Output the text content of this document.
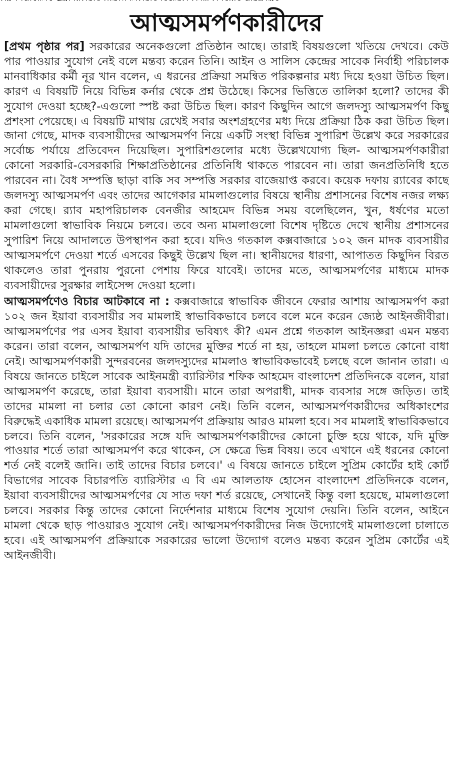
আত্মসমর্পণকারীদের

[প্রথম পৃষ্ঠার পর] সরকারের অনেকগুলো প্রতিষ্ঠান আছে। তারাই বিষয়গুলো খতিয়ে দেখবে। কেউ পার পাওয়ার সুযোগ নেই বলে মন্তব্য করেন তিনি। আইন ও সালিস কেন্দ্রের সাবেক নির্বাহী পরিচালক মানবাধিকার কর্মী নূর খান বলেন, এ ধরনের প্রক্রিয়া সমন্বিত পরিকল্পনার মধ্য দিয়ে হওয়া উচিত ছিল। কারণ এ বিষয়টি নিয়ে বিভিন্ন কর্নার থেকে প্রশ্ন উঠেছে। কিসের ভিত্তিতে তালিকা হলো? তাদের কী সুযোগ দেওয়া হচ্ছে?-এগুলো স্পষ্ট করা উচিত ছিল। কারণ কিছুদিন আগে জলদস্যু আত্মসমর্পণ কিছু প্রশংসা পেয়েছে। এ বিষয়টি মাথায় রেখেই সবার অংশগ্রহণের মধ্য দিয়ে প্রক্রিয়া ঠিক করা উচিত ছিল। জানা গেছে, মাদক ব্যবসায়ীদের আত্মসমর্পণ নিয়ে একটি সংস্থা বিভিন্ন সুপারিশ উল্লেখ করে সরকারের সর্বোচ্চ পর্যায়ে প্রতিবেদন দিয়েছিল। সুপারিশগুলোর মধ্যে উল্লেখযোগ্য ছিল- আত্মসমর্পণকারীরা কোনো সরকারি-বেসরকারি শিক্ষাপ্রতিষ্ঠানের প্রতিনিধি থাকতে পারবেন না। তারা জনপ্রতিনিধি হতে পারবেন না। বৈধ সম্পত্তি ছাড়া বাকি সব সম্পত্তি সরকার বাজেয়াপ্ত করবে। কয়েক দফায় র‌্যাবের কাছে জলদস্যু আত্মসমর্পণ এবং তাদের আগেকার মামলাগুলোর বিষয়ে স্থানীয় প্রশাসনের বিশেষ নজর লক্ষ্য করা গেছে। র‌্যাব মহাপরিচালক বেনজীর আহমেদ বিভিন্ন সময় বলেছিলেন, খুন, ধর্ষণের মতো মামলাগুলো স্বাভাবিক নিয়মে চলবে। তবে অন্য মামলাগুলো বিশেষ দৃষ্টিতে দেখে স্থানীয় প্রশাসনের সুপারিশ নিয়ে আদালতে উপস্থাপন করা হবে। যদিও গতকাল কক্সবাজারে ১০২ জন মাদক ব্যবসায়ীর আত্মসমর্পণে দেওয়া শর্তে এসবের কিছুই উল্লেখ ছিল না। স্থানীয়দের ধারণা, আপাতত কিছুদিন বিরত থাকলেও তারা পুনরায় পুরনো পেশায় ফিরে যাবেই। তাদের মতে, আত্মসমর্পণের মাধ্যমে মাদক ব্যবসায়ীদের সুরক্ষার লাইসেন্স দেওয়া হলো।

আত্মসমর্পণেও বিচার আটকাবে না : কক্সবাজারে স্বাভাবিক জীবনে ফেরার আশায় আত্মসমর্পণ করা ১০২ জন ইয়াবা ব্যবসায়ীর সব মামলাই স্বাভাবিকভাবে চলবে বলে মনে করেন জ্যেষ্ঠ আইনজীবীরা। আত্মসমর্পণের পর এসব ইয়াবা ব্যবসায়ীর ভবিষ্যৎ কী? এমন প্রশ্নে গতকাল আইনজ্ঞরা এমন মন্তব্য করেন। তারা বলেন, আত্মসমর্পণ যদি তাদের মুক্তির শর্তে না হয়, তাহলে মামলা চলতে কোনো বাধা নেই। আত্মসমর্পণকারী সুন্দরবনের জলদস্যুদের মামলাও স্বাভাবিকভাবেই চলছে বলে জানান তারা। এ বিষয়ে জানতে চাইলে সাবেক আইনমন্ত্রী ব্যারিস্টার শফিক আহমেদ বাংলাদেশ প্রতিদিনকে বলেন, যারা আত্মসমর্পণ করেছে, তারা ইয়াবা ব্যবসায়ী। মানে তারা অপরাধী, মাদক ব্যবসার সঙ্গে জড়িত। তাই তাদের মামলা না চলার তো কোনো কারণ নেই। তিনি বলেন, আত্মসমর্পণকারীদের অধিকাংশের বিরুদ্ধেই একাধিক মামলা রয়েছে। আত্মসমর্পণ প্রক্রিয়ায় আরও মামলা হবে। সব মামলাই স্বাভাবিকভাবে চলবে। তিনি বলেন, 'সরকারের সঙ্গে যদি আত্মসমর্পণকারীদের কোনো চুক্তি হয়ে থাকে, যদি মুক্তি পাওয়ার শর্তে তারা আত্মসমর্পণ করে থাকেন, সে ক্ষেত্রে ভিন্ন বিষয়। তবে এখানে এই ধরনের কোনো শর্ত নেই বলেই জানি। তাই তাদের বিচার চলবে।' এ বিষয়ে জানতে চাইলে সুপ্রিম কোর্টের হাই কোর্ট বিভাগের সাবেক বিচারপতি ব্যারিস্টার এ বি এম আলতাফ হোসেন বাংলাদেশ প্রতিদিনকে বলেন, ইয়াবা ব্যবসায়ীদের আত্মসমর্পণের যে সাত দফা শর্ত রয়েছে, সেখানেই কিন্তু বলা হয়েছে, মামলাগুলো চলবে। সরকার কিন্তু তাদের কোনো নির্দেশনার মাধ্যমে বিশেষ সুযোগ দেয়নি। তিনি বলেন, আইনে মামলা থেকে ছাড় পাওয়ারও সুযোগ নেই। আত্মসমর্পণকারীদের নিজ উদ্যোগেই মামলাগুলো চালাতে হবে। এই আত্মসমর্পণ প্রক্রিয়াকে সরকারের ভালো উদ্যোগ বলেও মন্তব্য করেন সুপ্রিম কোর্টের এই আইনজীবী।
